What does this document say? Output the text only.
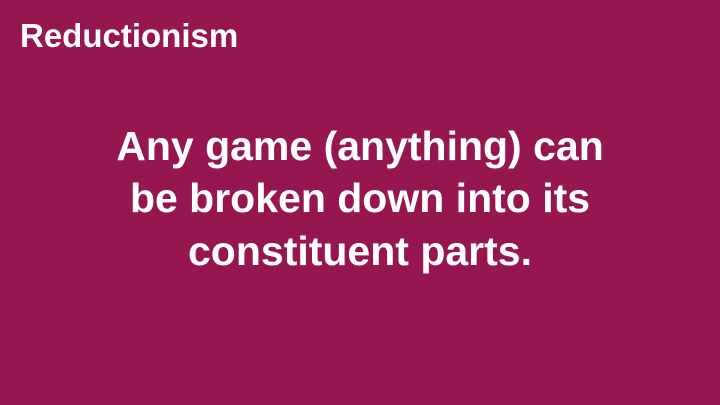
Reductionism

Any game (anything) can
be broken down into its
constituent parts.
